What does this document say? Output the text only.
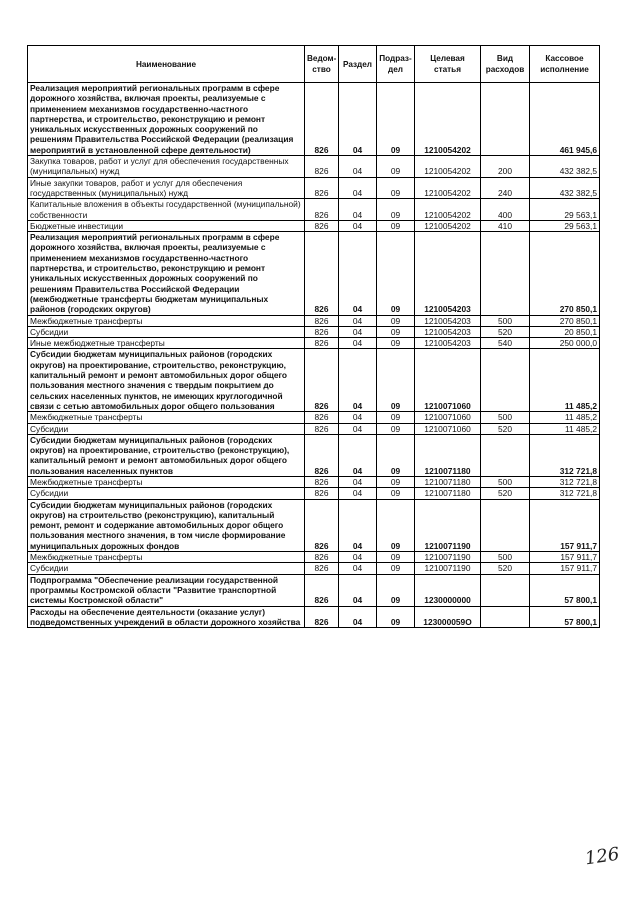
Наименование	Ведом-ство	Раздел	Подраз-дел	Целевая статья	Вид расходов	Кассовое исполнение
Реализация мероприятий региональных программ в сфере дорожного хозяйства, включая проекты, реализуемые с применением механизмов государственно-частного партнерства, и строительство, реконструкцию и ремонт уникальных искусственных дорожных сооружений по решениям Правительства Российской Федерации (реализация мероприятий в установленной сфере деятельности)	826	04	09	1210054202		461 945,6
Закупка товаров, работ и услуг для обеспечения государственных (муниципальных) нужд	826	04	09	1210054202	200	432 382,5
Иные закупки товаров, работ и услуг для обеспечения государственных (муниципальных) нужд	826	04	09	1210054202	240	432 382,5
Капитальные вложения в объекты государственной (муниципальной) собственности	826	04	09	1210054202	400	29 563,1
Бюджетные инвестиции	826	04	09	1210054202	410	29 563,1
Реализация мероприятий региональных программ в сфере дорожного хозяйства, включая проекты, реализуемые с применением механизмов государственно-частного партнерства, и строительство, реконструкцию и ремонт уникальных искусственных дорожных сооружений по решениям Правительства Российской Федерации (межбюджетные трансферты бюджетам муниципальных районов (городских округов)	826	04	09	1210054203		270 850,1
Межбюджетные трансферты	826	04	09	1210054203	500	270 850,1
Субсидии	826	04	09	1210054203	520	20 850,1
Иные межбюджетные трансферты	826	04	09	1210054203	540	250 000,0
Субсидии бюджетам муниципальных районов (городских округов) на проектирование, строительство, реконструкцию, капитальный ремонт и ремонт автомобильных дорог общего пользования местного значения с твердым покрытием до сельских населенных пунктов, не имеющих круглогодичной связи с сетью автомобильных дорог общего пользования	826	04	09	1210071060		11 485,2
Межбюджетные трансферты	826	04	09	1210071060	500	11 485,2
Субсидии	826	04	09	1210071060	520	11 485,2
Субсидии бюджетам муниципальных районов (городских округов) на проектирование, строительство (реконструкцию), капитальный ремонт и ремонт автомобильных дорог общего пользования населенных пунктов	826	04	09	1210071180		312 721,8
Межбюджетные трансферты	826	04	09	1210071180	500	312 721,8
Субсидии	826	04	09	1210071180	520	312 721,8
Субсидии бюджетам муниципальных районов (городских округов) на строительство (реконструкцию), капитальный ремонт, ремонт и содержание автомобильных дорог общего пользования местного значения, в том числе формирование муниципальных дорожных фондов	826	04	09	1210071190		157 911,7
Межбюджетные трансферты	826	04	09	1210071190	500	157 911,7
Субсидии	826	04	09	1210071190	520	157 911,7
Подпрограмма "Обеспечение реализации государственной программы Костромской области "Развитие транспортной системы Костромской области"	826	04	09	1230000000		57 800,1
Расходы на обеспечение деятельности (оказание услуг) подведомственных учреждений в области дорожного хозяйства	826	04	09	123000059О		57 800,1
126
